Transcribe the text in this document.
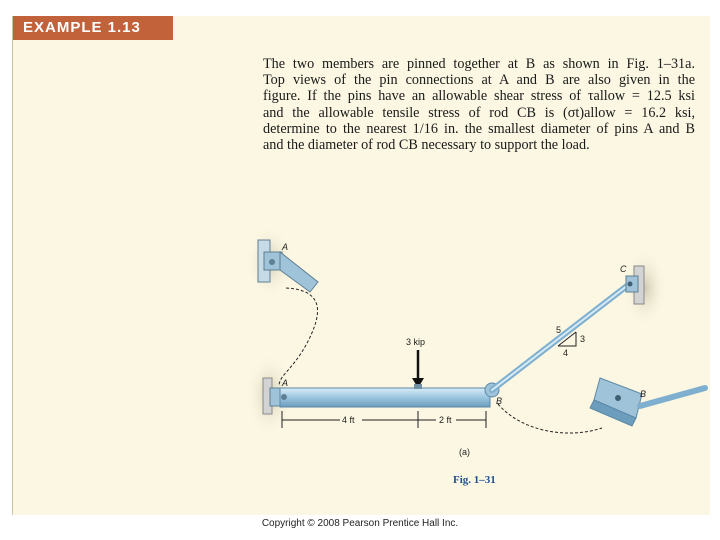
EXAMPLE 1.13
The two members are pinned together at B as shown in Fig. 1–31a.
Top views of the pin connections at A and B are also given in the
figure. If the pins have an allowable shear stress of τallow = 12.5 ksi
and the allowable tensile stress of rod CB is (σt)allow = 16.2 ksi,
determine to the nearest 1/16 in. the smallest diameter of pins A and B
and the diameter of rod CB necessary to support the load.
5
3
4
3 kip
4 ft	2 ft
A
A
B
B
C
(a)
Fig. 1–31
Copyright © 2008 Pearson Prentice Hall Inc.
